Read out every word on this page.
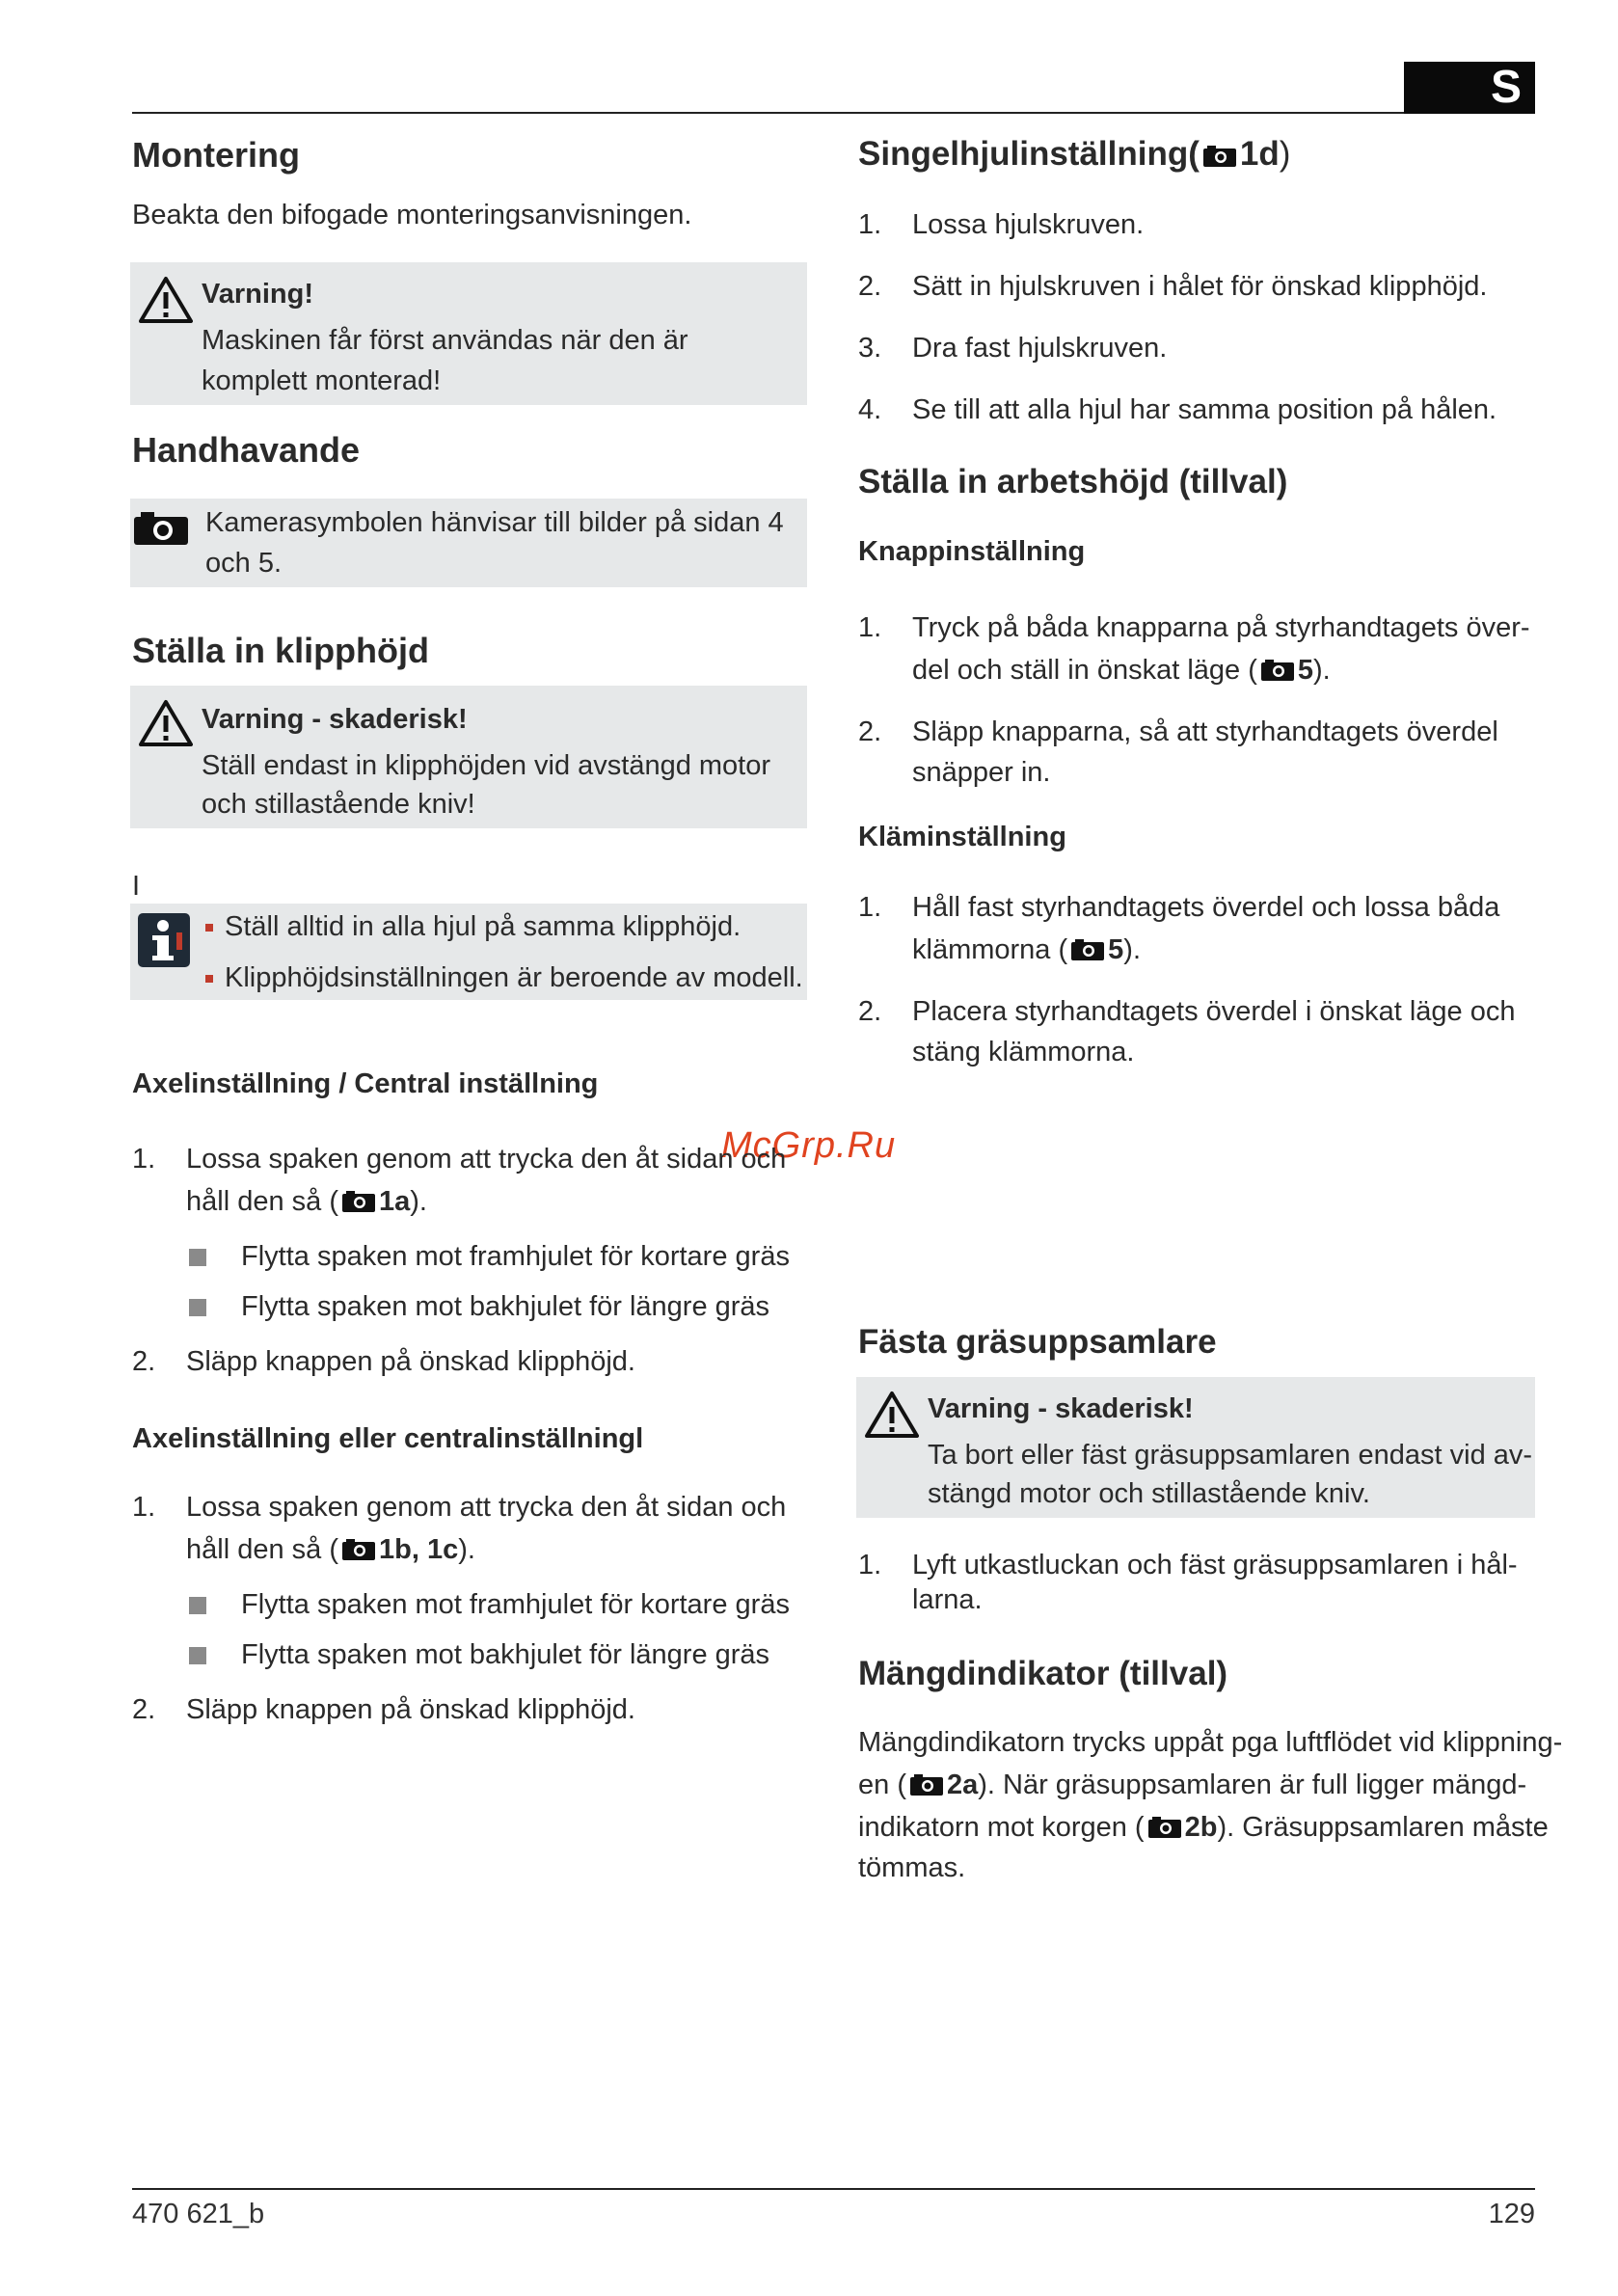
S
McGrp.Ru
Montering

Beakta den bifogade monteringsanvisningen.

Varning!
Maskinen får först användas när den är
komplett monterad!
Handhavande
Kamerasymbolen hänvisar till bilder på sidan 4
och 5.
Ställa in klipphöjd
Varning - skaderisk!
Ställ endast in klipphöjden vid avstängd motor
och stillastående kniv!
I
Ställ alltid in alla hjul på samma klipphöjd.
Klipphöjdsinställningen är beroende av modell.
Axelinställning / Central inställning
1. Lossa spaken genom att trycka den åt sidan och

håll den så ( 1a).

Flytta spaken mot framhjulet för kortare gräs

Flytta spaken mot bakhjulet för längre gräs

2. Släpp knappen på önskad klipphöjd.

Axelinställning eller centralinställningl
1. Lossa spaken genom att trycka den åt sidan och

håll den så ( 1b, 1c).

Flytta spaken mot framhjulet för kortare gräs

Flytta spaken mot bakhjulet för längre gräs

2. Släpp knappen på önskad klipphöjd.

Singelhjulinställning( 1d)
1. Lossa hjulskruven.

2. Sätt in hjulskruven i hålet för önskad klipphöjd.

3. Dra fast hjulskruven.

4. Se till att alla hjul har samma position på hålen.

Ställa in arbetshöjd (tillval)
Knappinställning
1. Tryck på båda knapparna på styrhandtagets över-

del och ställ in önskat läge ( 5).

2. Släpp knapparna, så att styrhandtagets överdel

snäpper in.

Kläminställning
1. Håll fast styrhandtagets överdel och lossa båda

klämmorna ( 5).

2. Placera styrhandtagets överdel i önskat läge och

stäng klämmorna.

Fästa gräsuppsamlare
Varning - skaderisk!
Ta bort eller fäst gräsuppsamlaren endast vid av-
stängd motor och stillastående kniv.
1. Lyft utkastluckan och fäst gräsuppsamlaren i hål-

larna.

Mängdindikator (tillval)

Mängdindikatorn trycks uppåt pga luftflödet vid klippning-

en ( 2a). När gräsuppsamlaren är full ligger mängd-

indikatorn mot korgen ( 2b). Gräsuppsamlaren måste

tömmas.

470 621_b	129
